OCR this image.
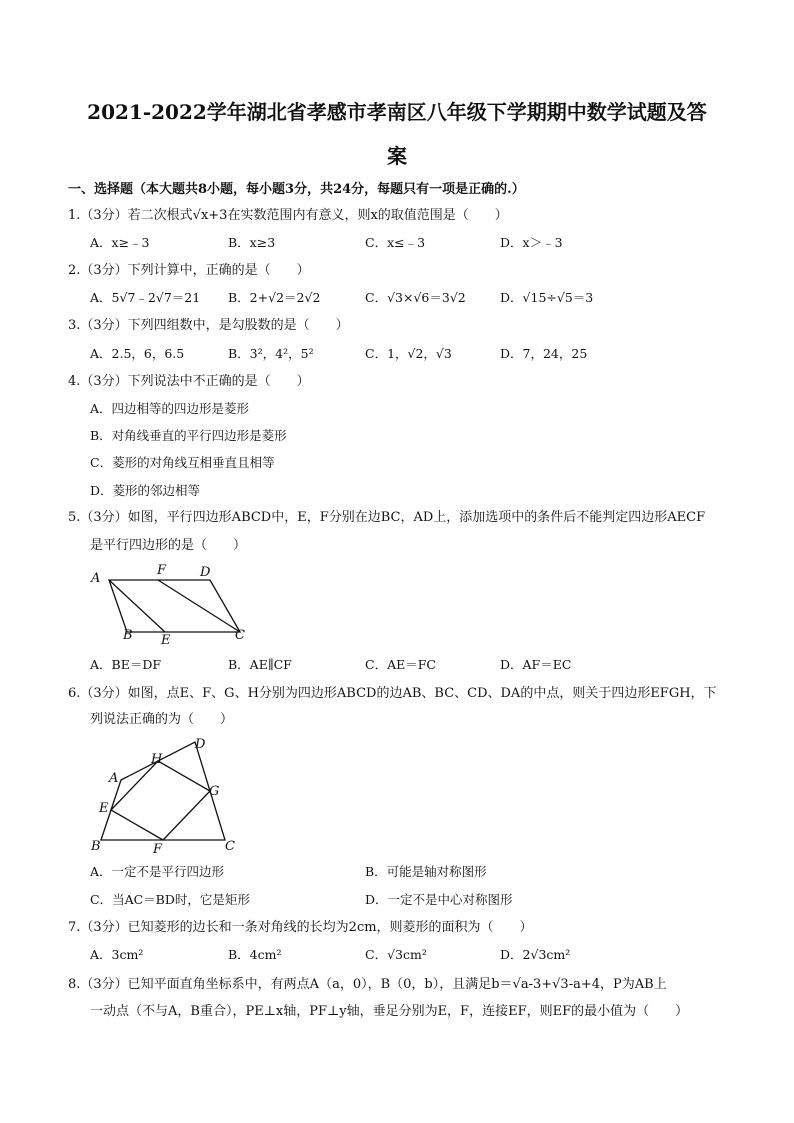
2021-2022学年湖北省孝感市孝南区八年级下学期期中数学试题及答
案
一、选择题（本大题共8小题，每小题3分，共24分，每题只有一项是正确的.）
1.（3分）若二次根式√x+3在实数范围内有意义，则x的取值范围是（　　）
A．x≥﹣3	B．x≥3	C．x≤﹣3	D．x＞﹣3
2.（3分）下列计算中，正确的是（　　）
A．5√7﹣2√7＝21 B．2+√2＝2√2	C．√3×√6＝3√2	D．√15÷√5＝3
3.（3分）下列四组数中，是勾股数的是（　　）
A．2.5，6，6.5	B．3²，4²，5²	C．1，√2，√3	D．7，24，25
4.（3分）下列说法中不正确的是（　　）
A．四边相等的四边形是菱形
B．对角线垂直的平行四边形是菱形
C．菱形的对角线互相垂直且相等
D．菱形的邻边相等
5.（3分）如图，平行四边形ABCD中，E，F分别在边BC，AD上，添加选项中的条件后不能判定四边形AECF
是平行四边形的是（　　）
A
F	D
B E	C
A．BE＝DF	B．AE∥CF	C．AE＝FC	D．AF＝EC
6.（3分）如图，点E、F、G、H分别为四边形ABCD的边AB、BC、CD、DA的中点，则关于四边形EFGH，下
列说法正确的为（　　）
A
H
D
E
G
B	F	C
A．一定不是平行四边形	B．可能是轴对称图形
C．当AC＝BD时，它是矩形	D．一定不是中心对称图形
7.（3分）已知菱形的边长和一条对角线的长均为2cm，则菱形的面积为（　　）
A．3cm²	B．4cm²	C．√3cm²	D．2√3cm²
8.（3分）已知平面直角坐标系中，有两点A（a，0），B（0，b），且满足b＝√a-3+√3-a+4，P为AB上
一动点（不与A，B重合），PE⊥x轴，PF⊥y轴，垂足分别为E，F，连接EF，则EF的最小值为（　　）
